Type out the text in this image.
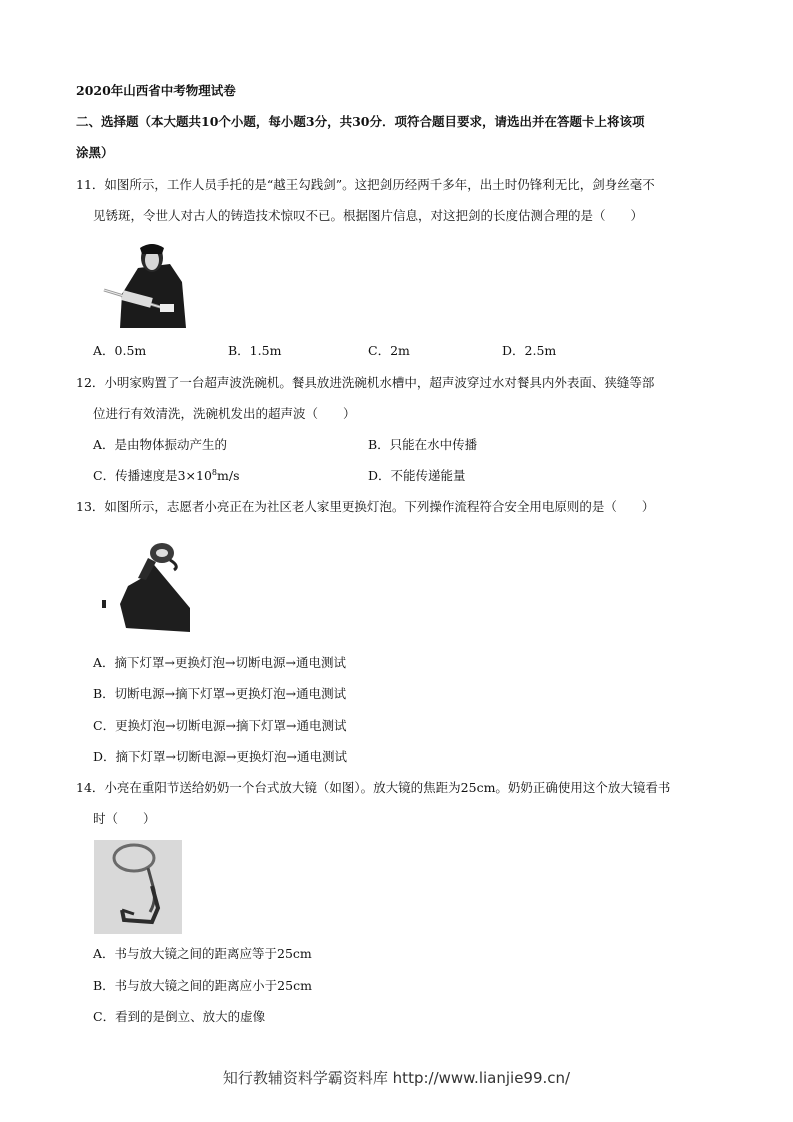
2020年山西省中考物理试卷
二、选择题（本大题共10个小题，每小题3分，共30分．项符合题目要求，请选出并在答题卡上将该项
涂黑）
11．如图所示，工作人员手托的是“越王勾践剑”。这把剑历经两千多年，出土时仍锋利无比，剑身丝毫不
见锈斑，令世人对古人的铸造技术惊叹不已。根据图片信息，对这把剑的长度估测合理的是（　　）
A．0.5m	B．1.5m	C．2m	D．2.5m
12．小明家购置了一台超声波洗碗机。餐具放进洗碗机水槽中，超声波穿过水对餐具内外表面、狭缝等部
位进行有效清洗，洗碗机发出的超声波（　　）
A．是由物体振动产生的	B．只能在水中传播
C．传播速度是$3\times 10^8m/s$	D．不能传递能量
13．如图所示，志愿者小亮正在为社区老人家里更换灯泡。下列操作流程符合安全用电原则的是（　　）
A．摘下灯罩→更换灯泡→切断电源→通电测试
B．切断电源→摘下灯罩→更换灯泡→通电测试
C．更换灯泡→切断电源→摘下灯罩→通电测试
D．摘下灯罩→切断电源→更换灯泡→通电测试
14．小亮在重阳节送给奶奶一个台式放大镜（如图）。放大镜的焦距为25cm。奶奶正确使用这个放大镜看书
时（　　）
A．书与放大镜之间的距离应等于25cm
B．书与放大镜之间的距离应小于25cm
C．看到的是倒立、放大的虚像
知行教辅资料学霸资料库 http://www.lianjie99.cn/
